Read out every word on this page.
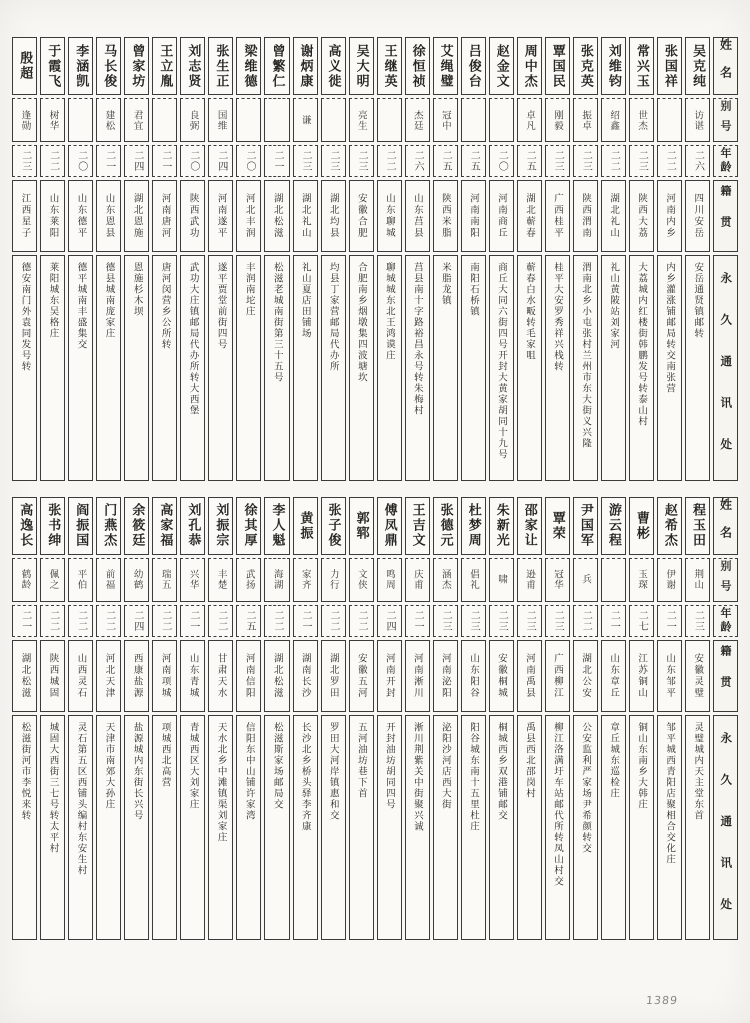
姓名
别号
年龄
籍贯
永久通讯处
吴克纯
访谌
二六
四川安岳
安岳通贤镇邮转
张国祥
二二
河南内乡
内乡灌涨铺邮局转交南张营
常兴玉
世杰
二三
陕西大荔
大荔城内红楼街韩鹏发号转泰山村
刘维钧
绍鑫
二二
湖北礼山
礼山黄陂站刘家河
张克英
振卓
二三
陕西渭南
渭南北乡小屯张村兰州市东大街义兴隆
覃国民
刚毅
二三
广西桂平
桂平大安罗秀祥兴栈转
周中杰
卓凡
二五
湖北蕲春
蕲春白水畈转毛家咀
赵金文
二〇
河南商丘
商丘大同六街四号开封大黄家胡同十九号
吕俊台
二五
河南南阳
南阳石桥镇
艾绳璧
冠中
二五
陕西米脂
米脂龙镇
徐恒祯
杰廷
二六
山东莒县
莒县南十字路裕昌永号转朱梅村
王继英
二二
山东聊城
聊城城东北王鸿谟庄
吴大明
亮生
二三
安徽合肥
合肥南乡烟墩集四波塘坎
高义徙
二三
湖北均县
均县丁家营邮局代办所
谢炳康
谦
二三
湖北礼山
礼山夏店田铺场
曾繁仁
二一
湖北松滋
松滋老城南街第三十五号
梁维德
二〇
河北丰润
丰润南坨庄
张生正
国维
二四
河南遂平
遂平贾堂前街四号
刘志贤
良弼
二〇
陕西武功
武功大庄镇邮局代办所转大西堡
王立胤
二一
河南唐河
唐河闵营乡公所转
曾家坊
君宜
二四
湖北恩施
恩施杉木坝
马长俊
建松
二一
山东恩县
德县城南庞家庄
李涵凯
二〇
山东德平
德平城南丰盛集交
于霞飞
树华
二二
山东莱阳
莱阳城东吴格庄
殷超
逢勋
二三
江西星子
德安南门外袁同发号转
姓名
别号
年龄
籍贯
永久通讯处
程玉田
荆山
二三
安徽灵璧
灵璧城内天主堂东首
赵希杰
伊谢
二一
山东邹平
邹平城西青阳店聚相合交化庄
曹彬
玉琛
二七
江苏铜山
铜山东南乡大韩庄
游云程
二一
山东章丘
章丘城东巡检庄
尹国军
兵
二二
湖北公安
公安监利严家场尹希颜转交
覃荣
冠华
二三
广西柳江
柳江洛满圩车站邮代所转凤山村交
邵家让
逊甫
二三
河南禹县
禹县西北邵岗村
朱新光
啸
二三
安徽桐城
桐城西乡双港铺邮交
杜梦周
倡礼
二三
山东阳谷
阳谷城东南十五里杜庄
张德元
涵杰
二三
河南泌阳
泌阳沙河店西大街
王吉文
庆甫
二一
河南淅川
淅川荆紫关中街聚兴诚
傅凤鼎
鸣周
二四
河南开封
开封油坊胡同四号
郭郓
文侠
二二
安徽五河
五河油坊巷下首
张子俊
力行
二二
湖北罗田
罗田大河岸镇惠和交
黄振
家齐
二一
湖南长沙
长沙北乡桥头驿李齐康
李人魁
海湖
二二
湖北松滋
松滋斯家场邮局交
徐其厚
武扬
二五
河南信阳
信阳东中山铺许家湾
刘振宗
丰楚
二二
甘肃天水
天水北乡中滩镇渠刘家庄
刘孔恭
兴华
二一
山东青城
青城西区大刘家庄
高家福
瑞五
二二
河南项城
项城西北高营
余筱廷
幼鹤
二四
西康盐源
盐源城内东街长兴号
门燕杰
前福
二二
河北天津
天津市南郊大孙庄
阎振国
平伯
二二
山西灵石
灵石第五区西铺头编村东安生村
张书绅
佩之
二二
陕西城固
城固大西街三七号转太平村
高逸长
鹤龄
二一
湖北松滋
松滋街河市李悦来转
1389
